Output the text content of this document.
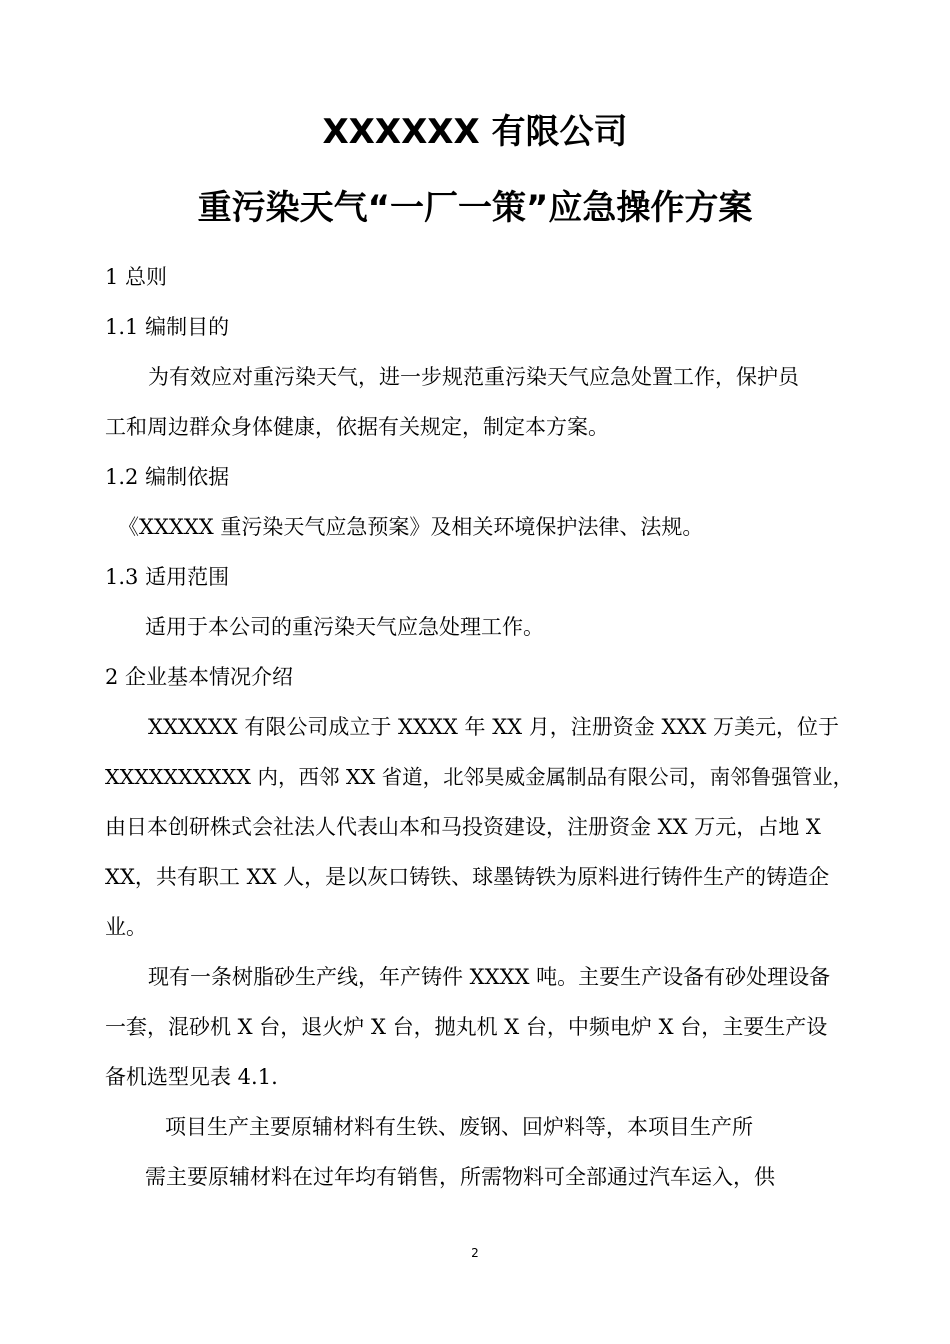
XXXXXX 有限公司
重污染天气“一厂一策”应急操作方案
1 总则
1.1 编制目的
为有效应对重污染天气，进一步规范重污染天气应急处置工作，保护员
工和周边群众身体健康，依据有关规定，制定本方案。
1.2 编制依据
《XXXXX 重污染天气应急预案》及相关环境保护法律、法规。
1.3 适用范围
适用于本公司的重污染天气应急处理工作。
2 企业基本情况介绍
XXXXXX 有限公司成立于 XXXX 年 XX 月，注册资金 XXX 万美元，位于
XXXXXXXXXX 内，西邻 XX 省道，北邻昊威金属制品有限公司，南邻鲁强管业，
由日本创研株式会社法人代表山本和马投资建设，注册资金 XX 万元，占地 X
XX，共有职工 XX 人，是以灰口铸铁、球墨铸铁为原料进行铸件生产的铸造企
业。
现有一条树脂砂生产线，年产铸件 XXXX 吨。主要生产设备有砂处理设备
一套，混砂机 X 台，退火炉 X 台，抛丸机 X 台，中频电炉 X 台，主要生产设
备机选型见表 4.1.
项目生产主要原辅材料有生铁、废钢、回炉料等，本项目生产所
需主要原辅材料在过年均有销售，所需物料可全部通过汽车运入，供
2
